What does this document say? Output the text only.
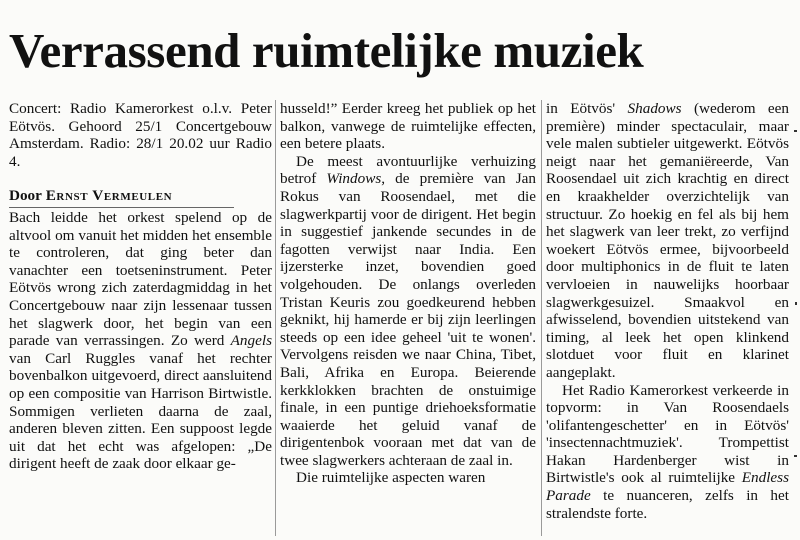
Verrassend ruimtelijke muziek

Concert: Radio Kamerorkest o.l.v. Peter Eötvös. Gehoord 25/1 Concertgebouw Amsterdam. Radio: 28/1 20.02 uur Radio 4.

Door Ernst Vermeulen

Bach leidde het orkest spelend op de altvool om vanuit het midden het ensemble te controleren, dat ging beter dan vanachter een toetseninstrument. Peter Eötvös wrong zich zaterdagmiddag in het Concertgebouw naar zijn lessenaar tussen het slagwerk door, het begin van een parade van verrassingen. Zo werd Angels van Carl Ruggles vanaf het rechter bovenbalkon uitgevoerd, direct aansluitend op een compositie van Harrison Birtwistle. Sommigen verlieten daarna de zaal, anderen bleven zitten. Een suppoost legde uit dat het echt was afgelopen: „De dirigent heeft de zaak door elkaar ge-

husseld!” Eerder kreeg het publiek op het balkon, vanwege de ruimtelijke effecten, een betere plaats.

De meest avontuurlijke verhuizing betrof Windows, de première van Jan Rokus van Roosendael, met die slagwerkpartij voor de dirigent. Het begin in suggestief jankende secundes in de fagotten verwijst naar India. Een ijzersterke inzet, bovendien goed volgehouden. De onlangs overleden Tristan Keuris zou goedkeurend hebben geknikt, hij hamerde er bij zijn leerlingen steeds op een idee geheel 'uit te wonen'. Vervolgens reisden we naar China, Tibet, Bali, Afrika en Europa. Beierende kerkklokken brachten de onstuimige finale, in een puntige driehoeksformatie waaierde het geluid vanaf de dirigentenbok vooraan met dat van de twee slagwerkers achteraan de zaal in.

Die ruimtelijke aspecten waren

in Eötvös' Shadows (wederom een première) minder spectaculair, maar vele malen subtieler uitgewerkt. Eötvös neigt naar het gemaniëreerde, Van Roosendael uit zich krachtig en direct en kraakhelder overzichtelijk van structuur. Zo hoekig en fel als bij hem het slagwerk van leer trekt, zo verfijnd woekert Eötvös ermee, bijvoorbeeld door multiphonics in de fluit te laten vervloeien in nauwelijks hoorbaar slagwerkgesuizel. Smaakvol en afwisselend, bovendien uitstekend van timing, al leek het open klinkend slotduet voor fluit en klarinet aangeplakt.

Het Radio Kamerorkest verkeerde in topvorm: in Van Roosendaels 'olifantengeschetter' en in Eötvös' 'insectennachtmuziek'. Trompettist Hakan Hardenberger wist in Birtwistle's ook al ruimtelijke Endless Parade te nuanceren, zelfs in het stralendste forte.
